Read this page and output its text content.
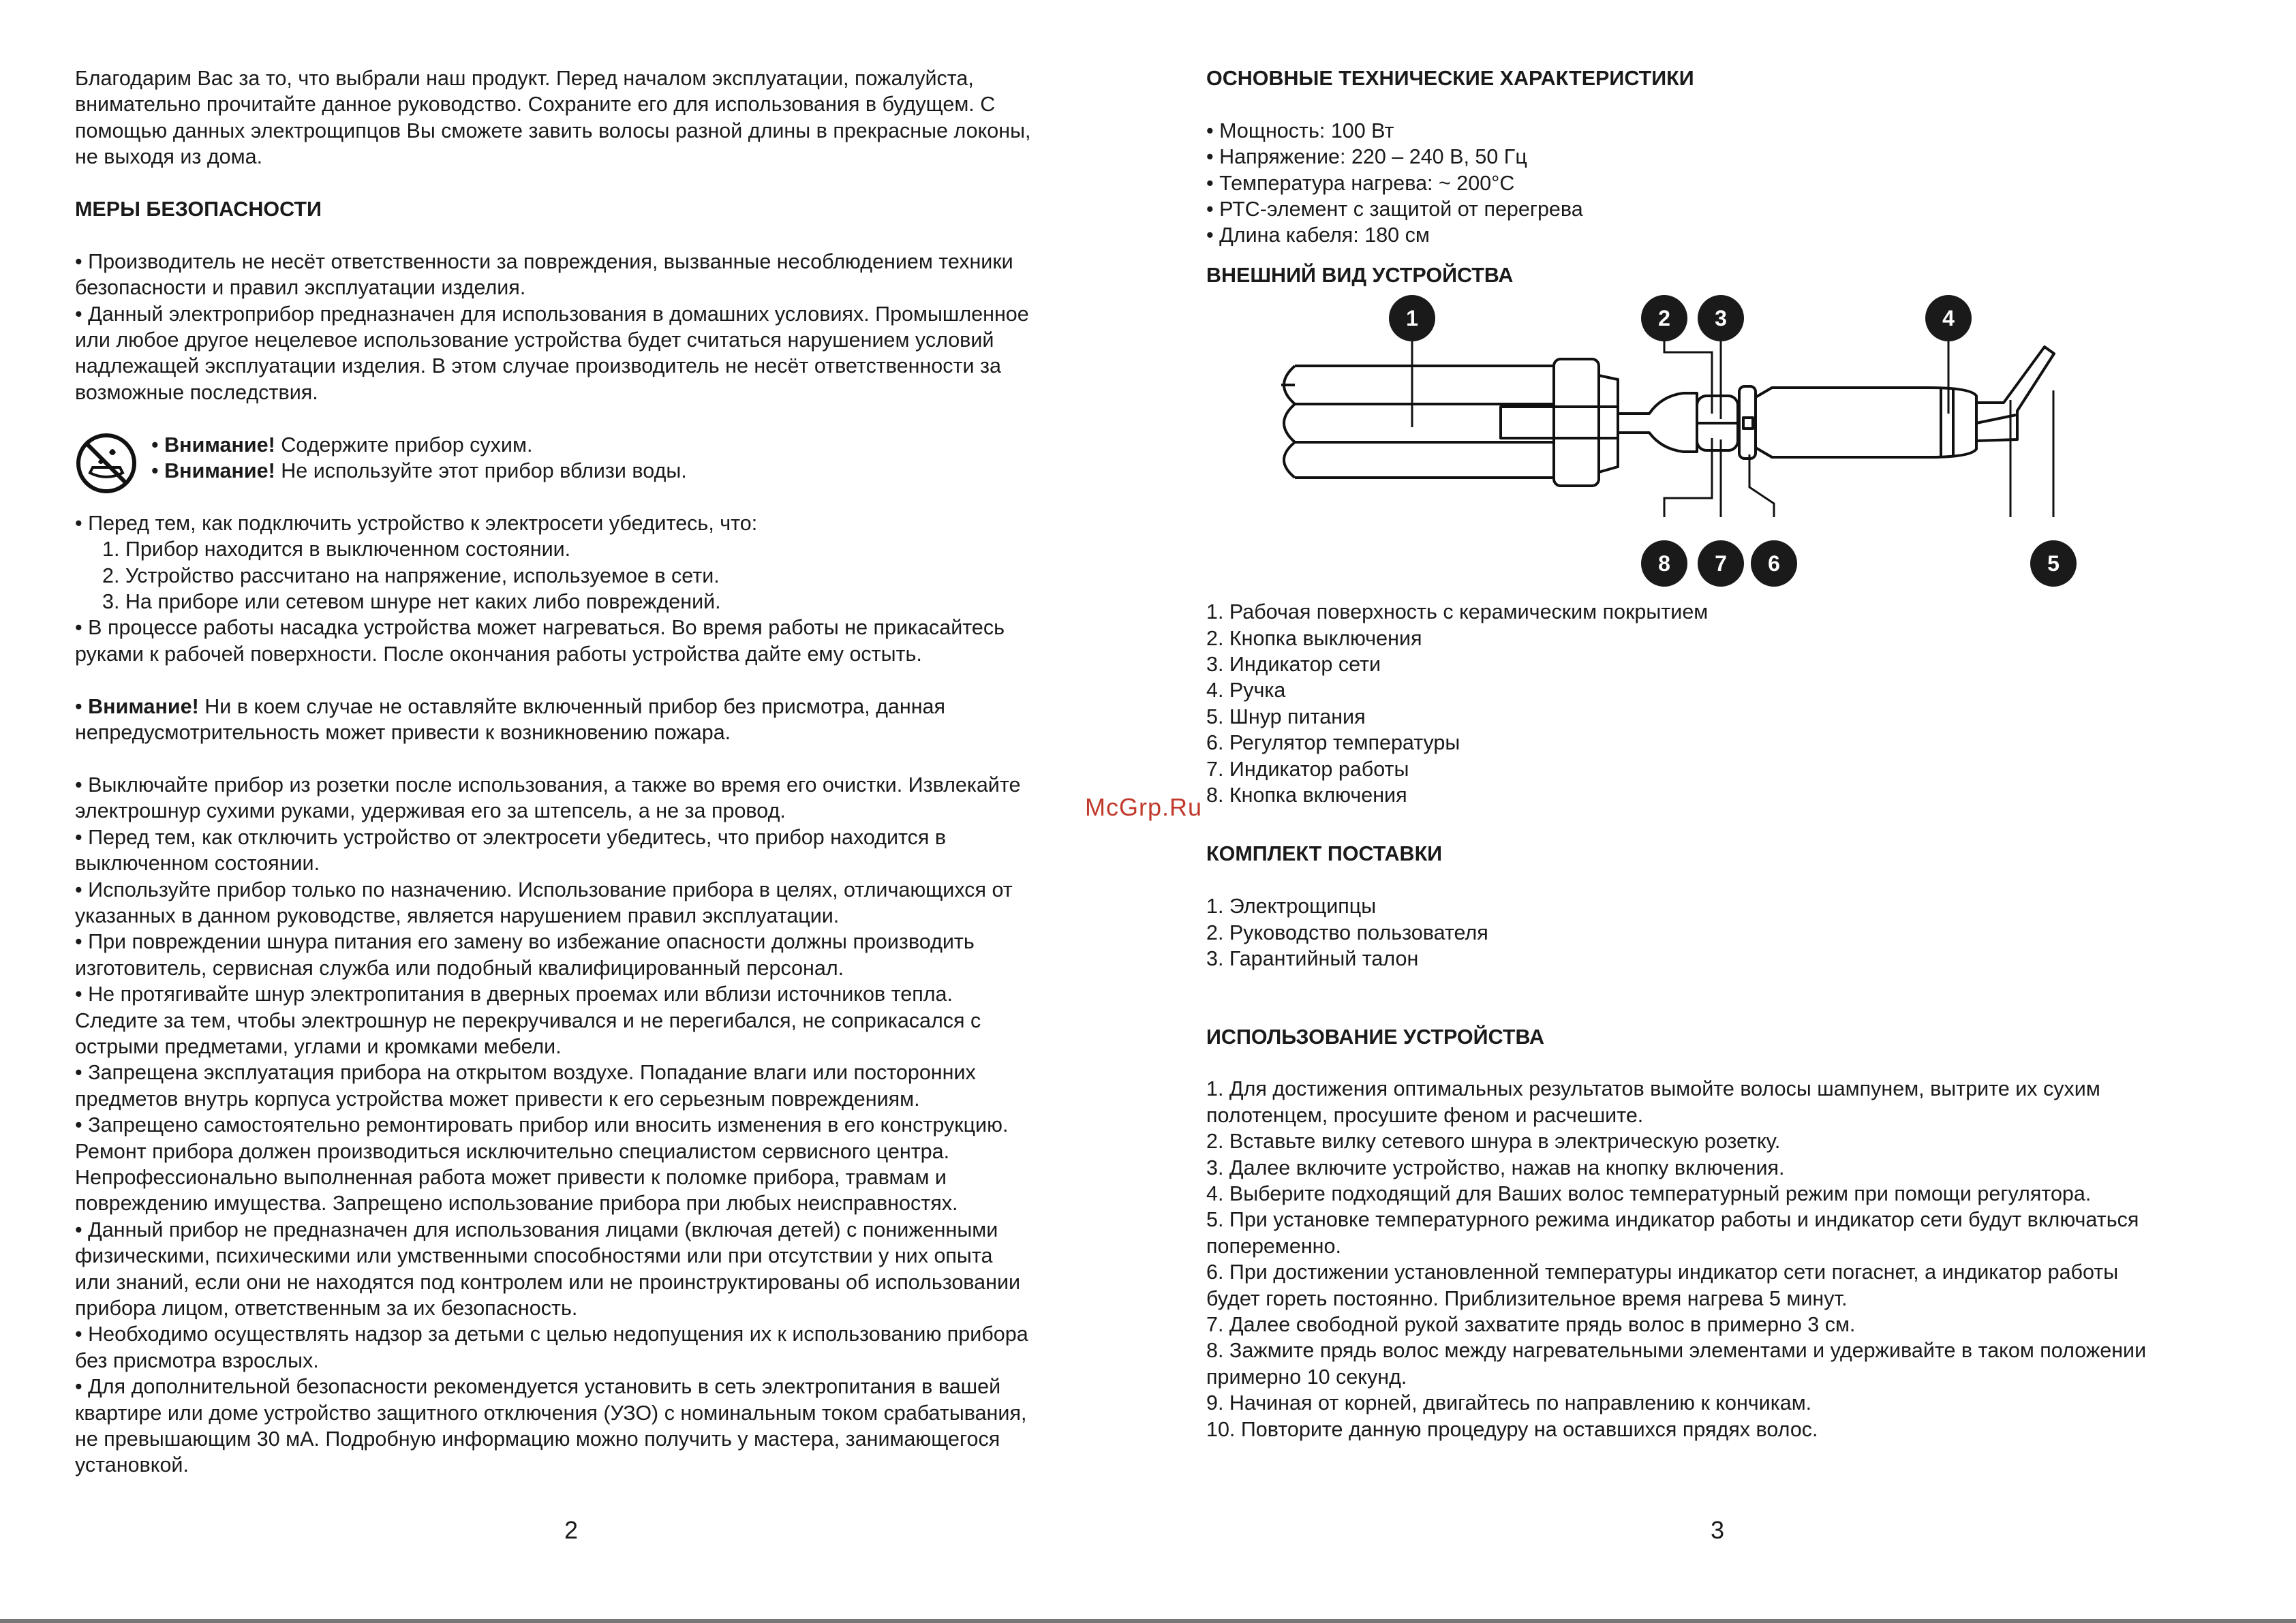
Благодарим Вас за то, что выбрали наш продукт. Перед началом эксплуатации, пожалуйста,

внимательно прочитайте данное руководство. Сохраните его для использования в будущем. С

помощью данных электрощипцов Вы сможете завить волосы разной длины в прекрасные локоны,

не выходя из дома.

МЕРЫ БЕЗОПАСНОСТИ

• Производитель не несёт ответственности за повреждения, вызванные несоблюдением техники

безопасности и правил эксплуатации изделия.

• Данный электроприбор предназначен для использования в домашних условиях. Промышленное

или любое другое нецелевое использование устройства будет считаться нарушением условий

надлежащей эксплуатации изделия. В этом случае производитель не несёт ответственности за

возможные последствия.

• Внимание! Содержите прибор сухим.

• Внимание! Не используйте этот прибор вблизи воды.

• Перед тем, как подключить устройство к электросети убедитесь, что:

1. Прибор находится в выключенном состоянии.

2. Устройство рассчитано на напряжение, используемое в сети.

3. На приборе или сетевом шнуре нет каких либо повреждений.

• В процессе работы насадка устройства может нагреваться. Во время работы не прикасайтесь

руками к рабочей поверхности. После окончания работы устройства дайте ему остыть.

• Внимание! Ни в коем случае не оставляйте включенный прибор без присмотра, данная

непредусмотрительность может привести к возникновению пожара.

• Выключайте прибор из розетки после использования, а также во время его очистки. Извлекайте

электрошнур сухими руками, удерживая его за штепсель, а не за провод.

• Перед тем, как отключить устройство от электросети убедитесь, что прибор находится в

выключенном состоянии.

• Используйте прибор только по назначению. Использование прибора в целях, отличающихся от

указанных в данном руководстве, является нарушением правил эксплуатации.

• При повреждении шнура питания его замену во избежание опасности должны производить

изготовитель, сервисная служба или подобный квалифицированный персонал.

• Не протягивайте шнур электропитания в дверных проемах или вблизи источников тепла.

Следите за тем, чтобы электрошнур не перекручивался и не перегибался, не соприкасался с

острыми предметами, углами и кромками мебели.

• Запрещена эксплуатация прибора на открытом воздухе. Попадание влаги или посторонних

предметов внутрь корпуса устройства может привести к его серьезным повреждениям.

• Запрещено самостоятельно ремонтировать прибор или вносить изменения в его конструкцию.

Ремонт прибора должен производиться исключительно специалистом сервисного центра.

Непрофессионально выполненная работа может привести к поломке прибора, травмам и

повреждению имущества. Запрещено использование прибора при любых неисправностях.

• Данный прибор не предназначен для использования лицами (включая детей) с пониженными

физическими, психическими или умственными способностями или при отсутствии у них опыта

или знаний, если они не находятся под контролем или не проинструктированы об использовании

прибора лицом, ответственным за их безопасность.

• Необходимо осуществлять надзор за детьми с целью недопущения их к использованию прибора

без присмотра взрослых.

• Для дополнительной безопасности рекомендуется установить в сеть электропитания в вашей

квартире или доме устройство защитного отключения (УЗО) с номинальным током срабатывания,

не превышающим 30 мА. Подробную информацию можно получить у мастера, занимающегося

установкой.

2

ОСНОВНЫЕ ТЕХНИЧЕСКИЕ ХАРАКТЕРИСТИКИ

• Мощность: 100 Вт

• Напряжение: 220 – 240 В, 50 Гц

• Температура нагрева: ~ 200°C

• РТС-элемент с защитой от перегрева

• Длина кабеля: 180 см

ВНЕШНИЙ ВИД УСТРОЙСТВА

1	2 3	4
5
6
7
8

1. Рабочая поверхность с керамическим покрытием

2. Кнопка выключения

3. Индикатор сети

4. Ручка

5. Шнур питания

6. Регулятор температуры

7. Индикатор работы

8. Кнопка включения

КОМПЛЕКТ ПОСТАВКИ

1. Электрощипцы

2. Руководство пользователя

3. Гарантийный талон

ИСПОЛЬЗОВАНИЕ УСТРОЙСТВА

1. Для достижения оптимальных результатов вымойте волосы шампунем, вытрите их сухим

полотенцем, просушите феном и расчешите.

2. Вставьте вилку сетевого шнура в электрическую розетку.

3. Далее включите устройство, нажав на кнопку включения.

4. Выберите подходящий для Ваших волос температурный режим при помощи регулятора.

5. При установке температурного режима индикатор работы и индикатор сети будут включаться

попеременно.

6. При достижении установленной температуры индикатор сети погаснет, а индикатор работы

будет гореть постоянно. Приблизительное время нагрева 5 минут.

7. Далее свободной рукой захватите прядь волос в примерно 3 см.

8. Зажмите прядь волос между нагревательными элементами и удерживайте в таком положении

примерно 10 секунд.

9. Начиная от корней, двигайтесь по направлению к кончикам.

10. Повторите данную процедуру на оставшихся прядях волос.

3
McGrp.Ru
